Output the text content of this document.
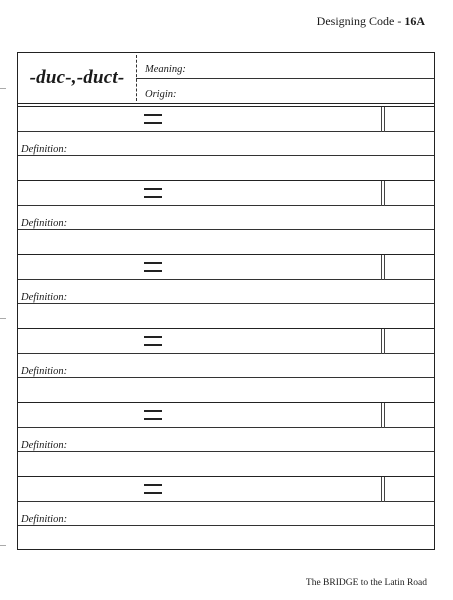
Designing Code - 16A
-duc-,-duct-	Meaning:
Origin:
Definition:
Definition:
Definition:
Definition:
Definition:
Definition:
The BRIDGE to the Latin Road
